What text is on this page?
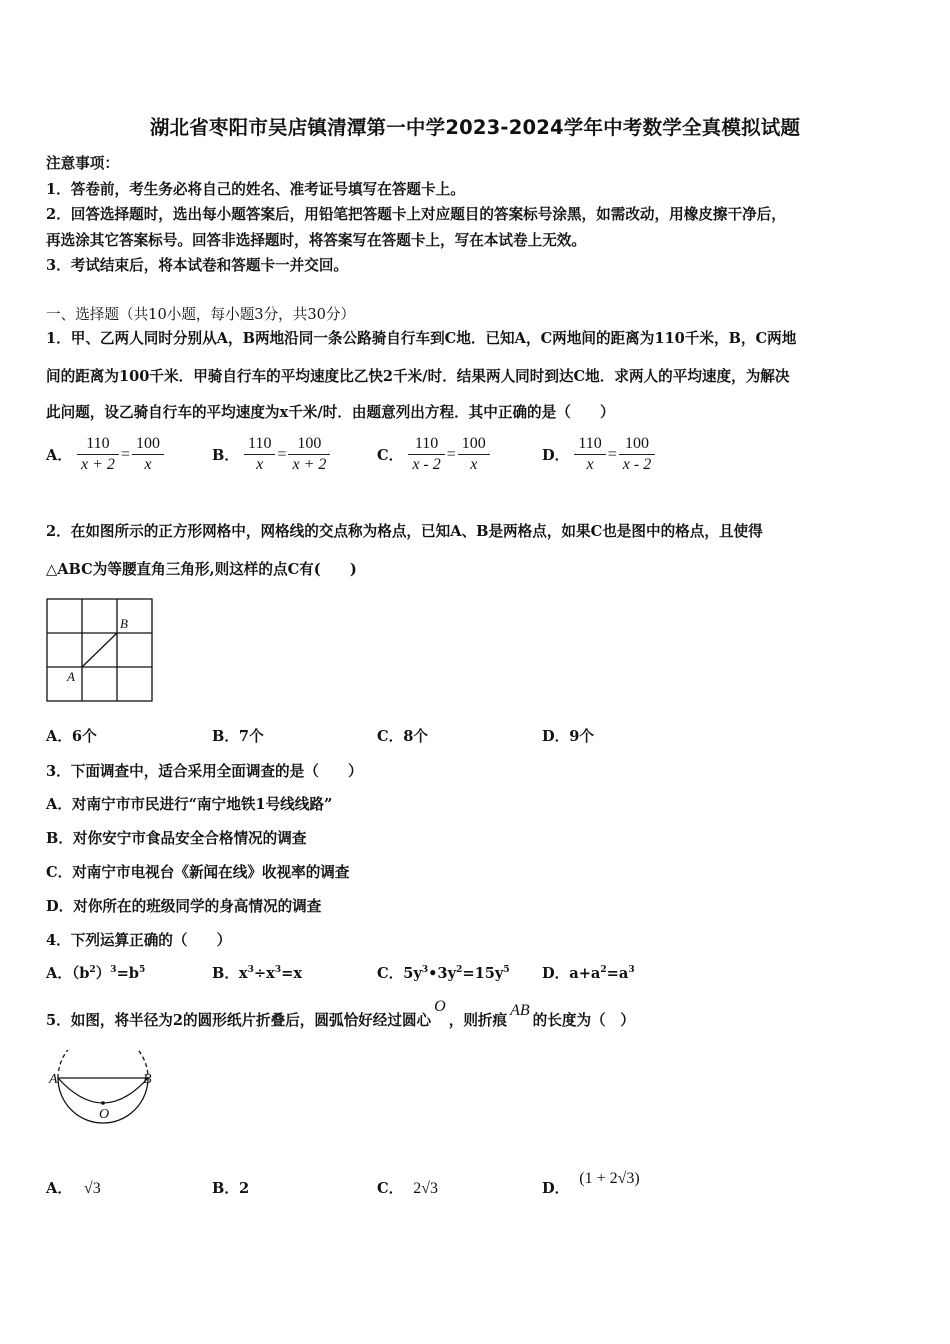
湖北省枣阳市吴店镇清潭第一中学2023-2024学年中考数学全真模拟试题
注意事项：
1．答卷前，考生务必将自己的姓名、准考证号填写在答题卡上。
2．回答选择题时，选出每小题答案后，用铅笔把答题卡上对应题目的答案标号涂黑，如需改动，用橡皮擦干净后，
再选涂其它答案标号。回答非选择题时，将答案写在答题卡上，写在本试卷上无效。
3．考试结束后，将本试卷和答题卡一并交回。
一、选择题（共10小题，每小题3分，共30分）
1．甲、乙两人同时分别从A，B两地沿同一条公路骑自行车到C地．已知A，C两地间的距离为110千米，B，C两地
间的距离为100千米．甲骑自行车的平均速度比乙快2千米/时．结果两人同时到达C地．求两人的平均速度，为解决
此问题，设乙骑自行车的平均速度为x千米/时．由题意列出方程．其中正确的是（　　）
A． $\frac{110}{x + 2} = \frac{100}{x}$	B． $\frac{110}{x} = \frac{100}{x + 2}$	C． $\frac{110}{x - 2} = \frac{100}{x}$	D． $\frac{110}{x} = \frac{100}{x - 2}$
2．在如图所示的正方形网格中，网格线的交点称为格点，已知A、B是两格点，如果C也是图中的格点，且使得
△ABC为等腰直角三角形,则这样的点C有(　　)
B
A
A．6个	B．7个	C．8个	D．9个
3．下面调查中，适合采用全面调查的是（　　）
A．对南宁市市民进行“南宁地铁1号线线路”
B．对你安宁市食品安全合格情况的调查
C．对南宁市电视台《新闻在线》收视率的调查
D．对你所在的班级同学的身高情况的调查
4．下列运算正确的（　　）
A．$(b^2)^3=b^5$	B．$x^3\div x^3=x$	C．$5y^3•3y^2=15y^5$ D．$a+a^2=a^3$
5．如图，将半径为2的圆形纸片折叠后，圆弧恰好经过圆心O，则折痕AB的长度为（　）
A	B
O
A． √3	B．2	C． 2√3	D．(1 + 2√3)
